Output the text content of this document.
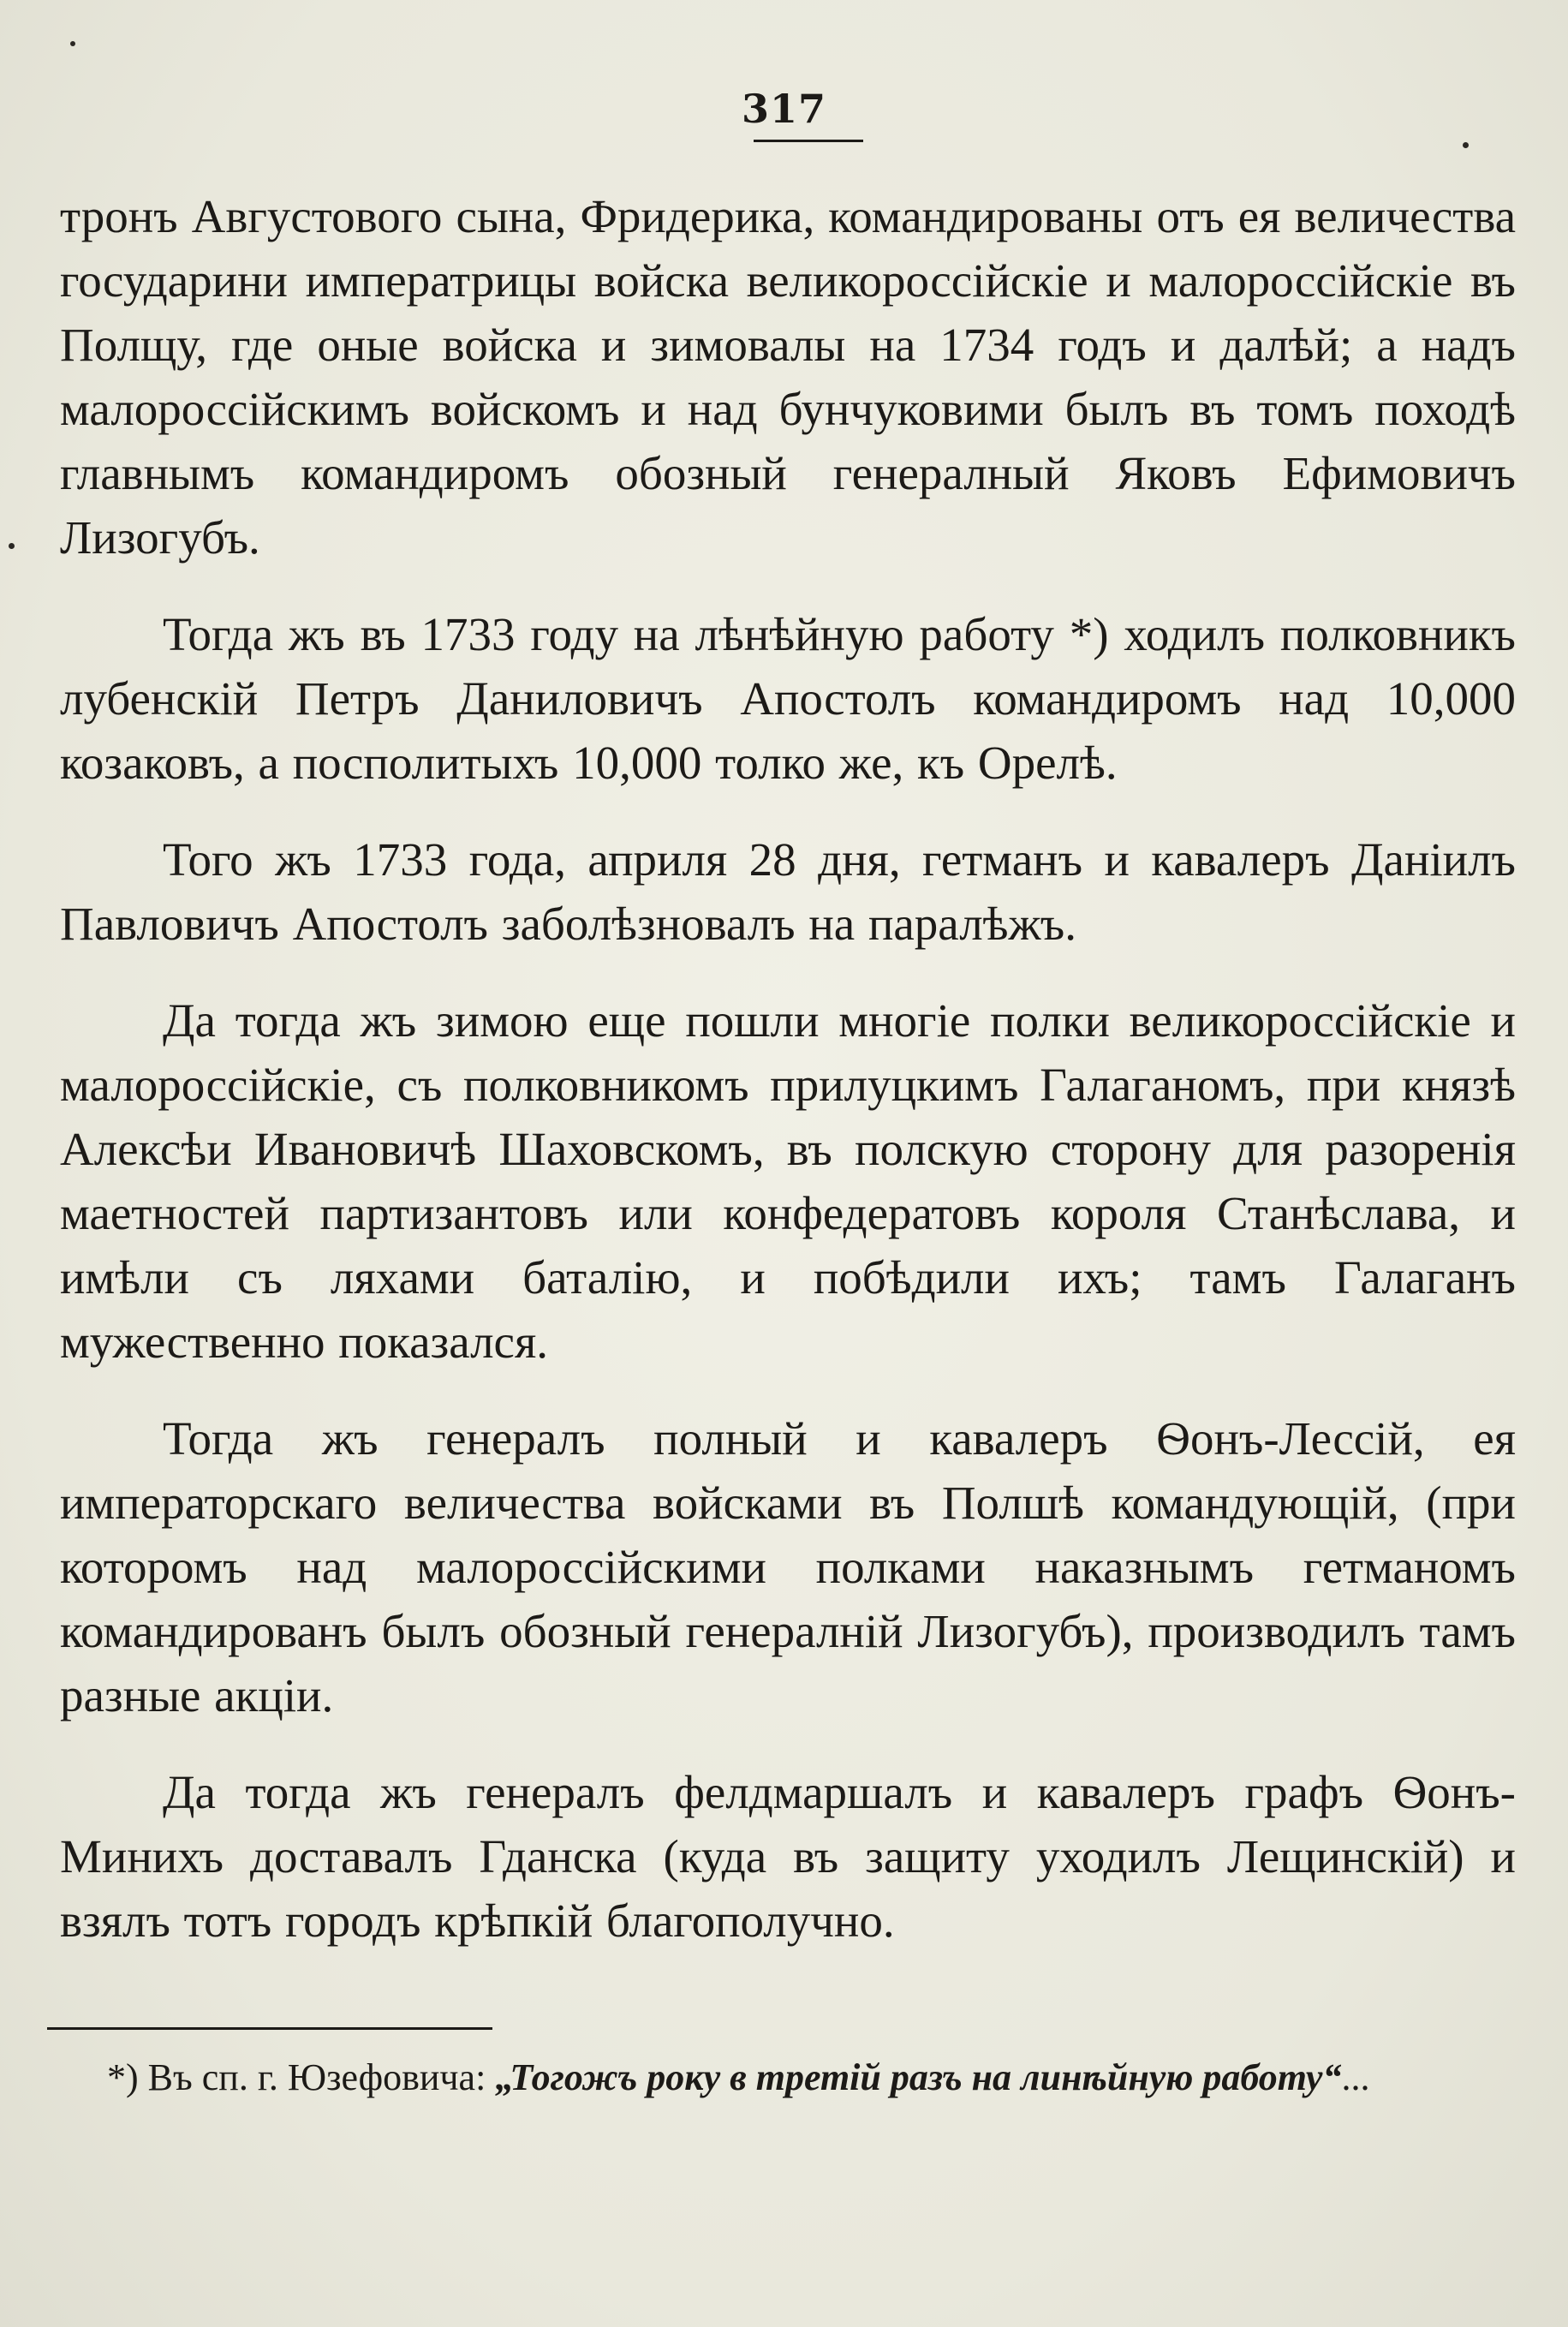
317

тронъ Августового сына, Фридерика, командированы отъ ея величества государини императрицы войска великороссійскіе и малороссійскіе въ Полщу, где оные войска и зимовалы на 1734 годъ и далѣй; а надъ малороссійскимъ войскомъ и над бунчуковими былъ въ томъ походѣ главнымъ командиромъ обозный генералный Яковъ Ефимовичъ Лизогубъ.

Тогда жъ въ 1733 году на лѣнѣйную работу *) ходилъ полковникъ лубенскій Петръ Даниловичъ Апостолъ командиромъ над 10,000 козаковъ, а посполитыхъ 10,000 толко же, къ Орелѣ.

Того жъ 1733 года, априля 28 дня, гетманъ и кавалеръ Даніилъ Павловичъ Апостолъ заболѣзновалъ на паралѣжъ.

Да тогда жъ зимою еще пошли многіе полки великороссійскіе и малороссійскіе, съ полковникомъ прилуцкимъ Галаганомъ, при князѣ Алексѣи Ивановичѣ Шаховскомъ, въ полскую сторону для разоренія маетностей партизантовъ или конфедератовъ короля Станѣслава, и имѣли съ ляхами баталію, и побѣдили ихъ; тамъ Галаганъ мужественно показался.

Тогда жъ генералъ полный и кавалеръ Ѳонъ-Лессій, ея императорскаго величества войсками въ Полшѣ командующій, (при которомъ над малороссійскими полками наказнымъ гетманомъ командированъ былъ обозный генералній Лизогубъ), производилъ тамъ разные акціи.

Да тогда жъ генералъ фелдмаршалъ и кавалеръ графъ Ѳонъ-Минихъ доставалъ Гданска (куда въ защиту уходилъ Лещинскій) и взялъ тотъ городъ крѣпкій благополучно.

*) Въ сп. г. Юзефовича: „Тогожъ року в третій разъ на линѣйную работу“...
